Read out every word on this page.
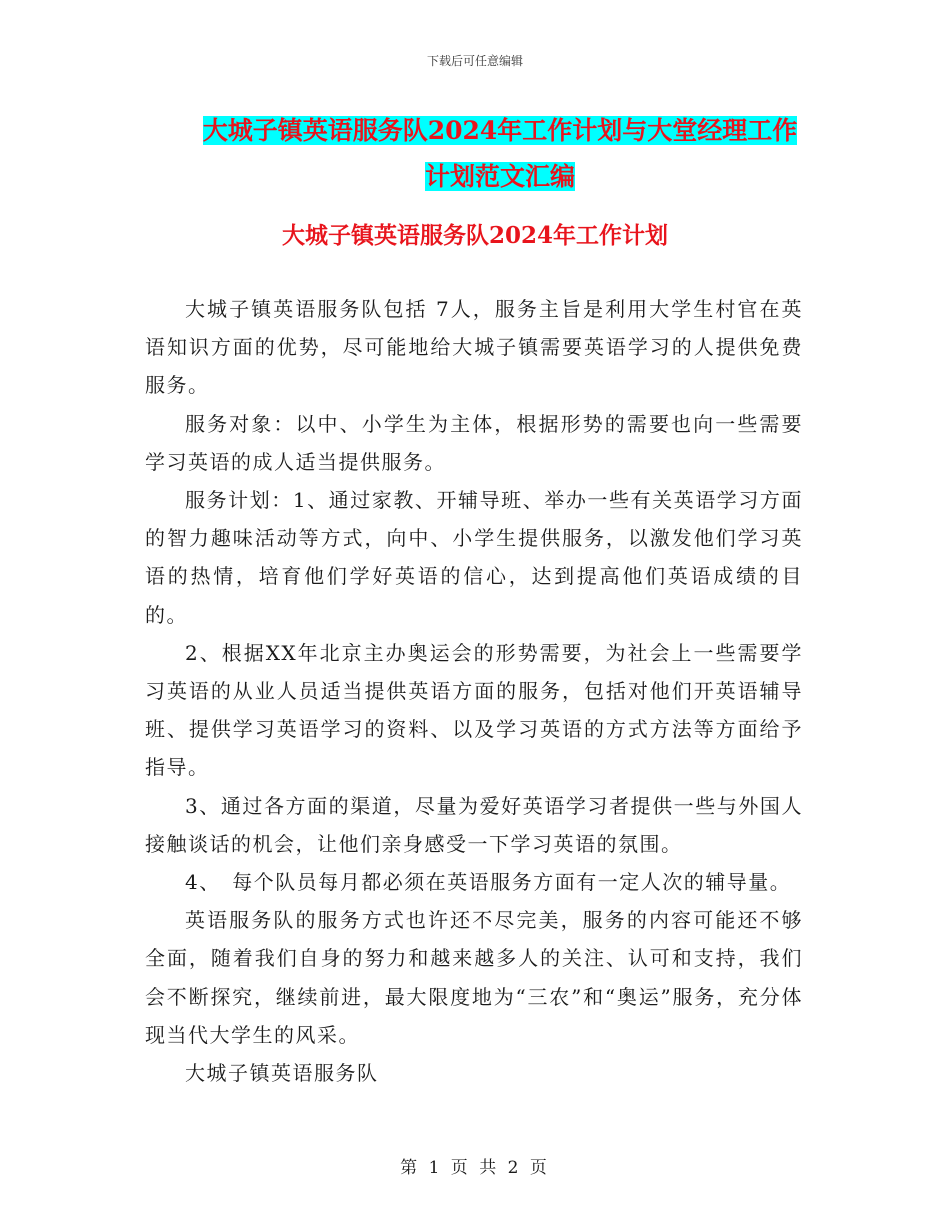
下载后可任意编辑
大城子镇英语服务队2024年工作计划与大堂经理工作
计划范文汇编
大城子镇英语服务队2024年工作计划

大城子镇英语服务队包括 7人，服务主旨是利用大学生村官在英语知识方面的优势，尽可能地给大城子镇需要英语学习的人提供免费服务。

服务对象：以中、小学生为主体，根据形势的需要也向一些需要学习英语的成人适当提供服务。

服务计划：1、通过家教、开辅导班、举办一些有关英语学习方面的智力趣味活动等方式，向中、小学生提供服务，以激发他们学习英语的热情，培育他们学好英语的信心，达到提高他们英语成绩的目的。

2、根据XX年北京主办奥运会的形势需要，为社会上一些需要学习英语的从业人员适当提供英语方面的服务，包括对他们开英语辅导班、提供学习英语学习的资料、以及学习英语的方式方法等方面给予指导。

3、通过各方面的渠道，尽量为爱好英语学习者提供一些与外国人接触谈话的机会，让他们亲身感受一下学习英语的氛围。

4、　每个队员每月都必须在英语服务方面有一定人次的辅导量。

英语服务队的服务方式也许还不尽完美，服务的内容可能还不够全面，随着我们自身的努力和越来越多人的关注、认可和支持，我们会不断探究，继续前进，最大限度地为“三农”和“奥运”服务，充分体现当代大学生的风采。

大城子镇英语服务队

第 1 页 共 2 页
